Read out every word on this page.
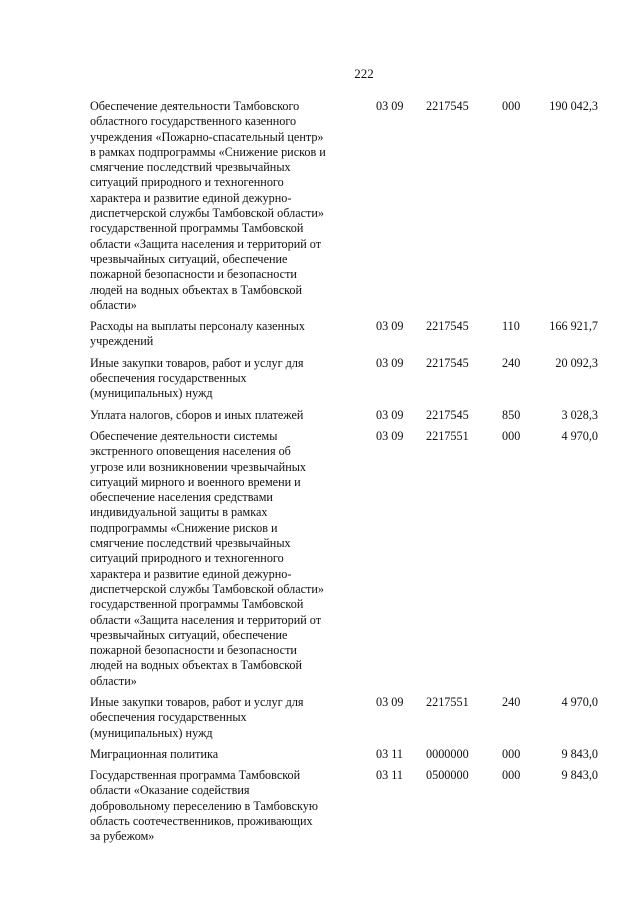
222
Обеспечение деятельности Тамбовского
областного государственного казенного
учреждения «Пожарно-спасательный центр»
в рамках подпрограммы «Снижение рисков и
смягчение последствий чрезвычайных
ситуаций природного и техногенного
характера и развитие единой дежурно-
диспетчерской службы Тамбовской области»
государственной программы Тамбовской
области «Защита населения и территорий от
чрезвычайных ситуаций, обеспечение
пожарной безопасности и безопасности
людей на водных объектах в Тамбовской
области»
03 09	2217545	000	190 042,3
Расходы на выплаты персоналу казенных
учреждений
03 09	2217545	110	166 921,7
Иные закупки товаров, работ и услуг для
обеспечения государственных
(муниципальных) нужд
03 09	2217545	240	20 092,3
Уплата налогов, сборов и иных платежей	03 09	2217545	850	3 028,3
Обеспечение деятельности системы
экстренного оповещения населения об
угрозе или возникновении чрезвычайных
ситуаций мирного и военного времени и
обеспечение населения средствами
индивидуальной защиты в рамках
подпрограммы «Снижение рисков и
смягчение последствий чрезвычайных
ситуаций природного и техногенного
характера и развитие единой дежурно-
диспетчерской службы Тамбовской области»
государственной программы Тамбовской
области «Защита населения и территорий от
чрезвычайных ситуаций, обеспечение
пожарной безопасности и безопасности
людей на водных объектах в Тамбовской
области»
03 09	2217551	000	4 970,0
Иные закупки товаров, работ и услуг для
обеспечения государственных
(муниципальных) нужд
03 09	2217551	240	4 970,0
Миграционная политика	03 11	0000000	000	9 843,0
Государственная программа Тамбовской
области «Оказание содействия
добровольному переселению в Тамбовскую
область соотечественников, проживающих
за рубежом»
03 11	0500000	000	9 843,0
